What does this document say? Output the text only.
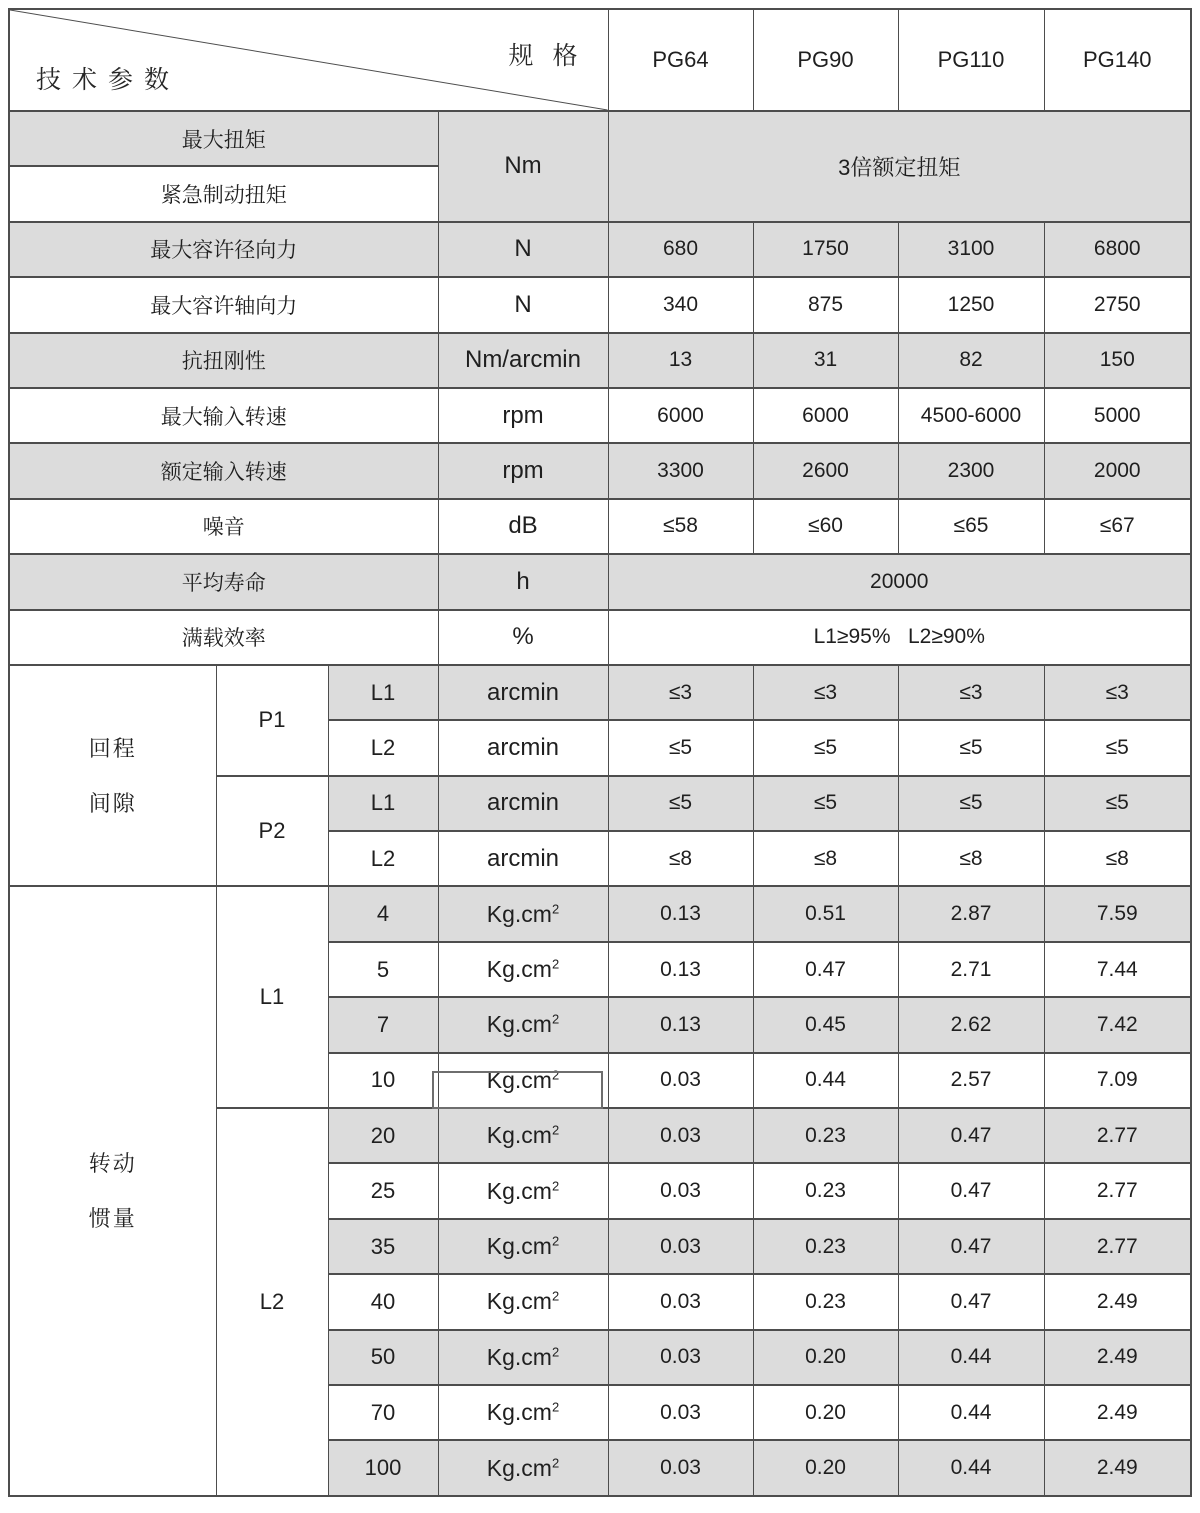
规 格
技术参数				PG64	PG90	PG110	PG140
最大扭矩			Nm	3倍额定扭矩			
紧急制动扭矩							
最大容许径向力			N	680	1750	3100	6800
最大容许轴向力			N	340	875	1250	2750
抗扭刚性			Nm/arcmin	13	31	82	150
最大输入转速			rpm	6000	6000	4500-6000	5000
额定输入转速			rpm	3300	2600	2300	2000
噪音			dB	≤58	≤60	≤65	≤67
平均寿命			h	20000			
满载效率			%	L1≥95%   L2≥90%			

回程
间隙	P1	L1	arcmin	≤3	≤3	≤3	≤3
		L2	arcmin	≤5	≤5	≤5	≤5
	P2	L1	arcmin	≤5	≤5	≤5	≤5
		L2	arcmin	≤8	≤8	≤8	≤8

转动
惯量	L1	4	$Kg.cm^2$	0.13	0.51	2.87	7.59
		5	$Kg.cm^2$	0.13	0.47	2.71	7.44
		7	$Kg.cm^2$	0.13	0.45	2.62	7.42
		10	$Kg.cm^2$	0.03	0.44	2.57	7.09
	L2	20	$Kg.cm^2$	0.03	0.23	0.47	2.77
		25	$Kg.cm^2$	0.03	0.23	0.47	2.77
		35	$Kg.cm^2$	0.03	0.23	0.47	2.77
		40	$Kg.cm^2$	0.03	0.23	0.47	2.49
		50	$Kg.cm^2$	0.03	0.20	0.44	2.49
		70	$Kg.cm^2$	0.03	0.20	0.44	2.49
		100	$Kg.cm^2$	0.03	0.20	0.44	2.49
